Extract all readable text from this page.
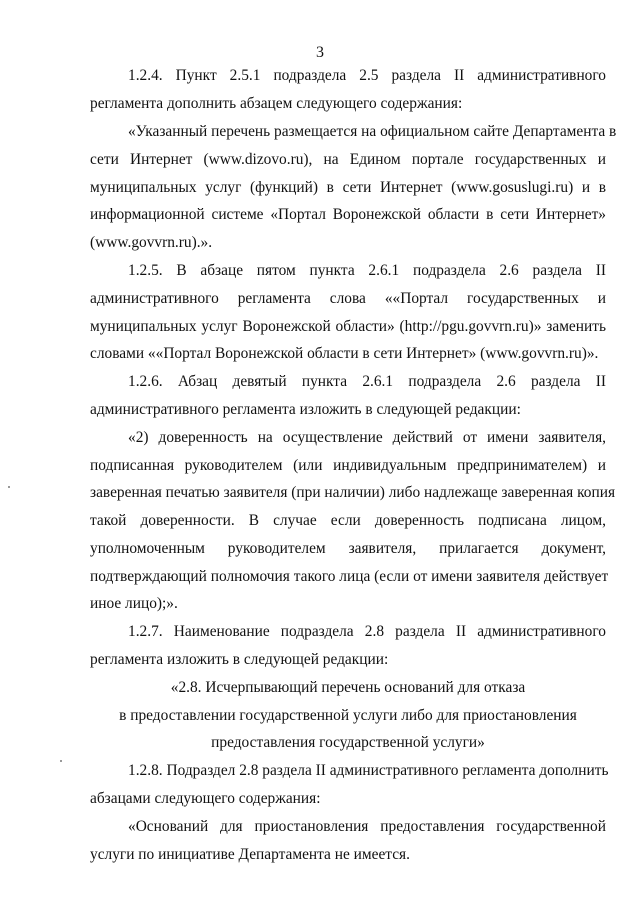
3
1.2.4. Пункт 2.5.1 подраздела 2.5 раздела II административного
регламента дополнить абзацем следующего содержания:
«Указанный перечень размещается на официальном сайте Департамента в
сети Интернет (www.dizovo.ru), на Едином портале государственных и
муниципальных услуг (функций) в сети Интернет (www.gosuslugi.ru) и в
информационной системе «Портал Воронежской области в сети Интернет»
(www.govvrn.ru).».
1.2.5. В абзаце пятом пункта 2.6.1 подраздела 2.6 раздела II
административного регламента слова ««Портал государственных и
муниципальных услуг Воронежской области» (http://pgu.govvrn.ru)» заменить
словами ««Портал Воронежской области в сети Интернет» (www.govvrn.ru)».
1.2.6. Абзац девятый пункта 2.6.1 подраздела 2.6 раздела II
административного регламента изложить в следующей редакции:
«2) доверенность на осуществление действий от имени заявителя,
подписанная руководителем (или индивидуальным предпринимателем) и
заверенная печатью заявителя (при наличии) либо надлежаще заверенная копия
такой доверенности. В случае если доверенность подписана лицом,
уполномоченным руководителем заявителя, прилагается документ,
подтверждающий полномочия такого лица (если от имени заявителя действует
иное лицо);».
1.2.7. Наименование подраздела 2.8 раздела II административного
регламента изложить в следующей редакции:
«2.8. Исчерпывающий перечень оснований для отказа
в предоставлении государственной услуги либо для приостановления
предоставления государственной услуги»
1.2.8. Подраздел 2.8 раздела II административного регламента дополнить
абзацами следующего содержания:
«Оснований для приостановления предоставления государственной
услуги по инициативе Департамента не имеется.
